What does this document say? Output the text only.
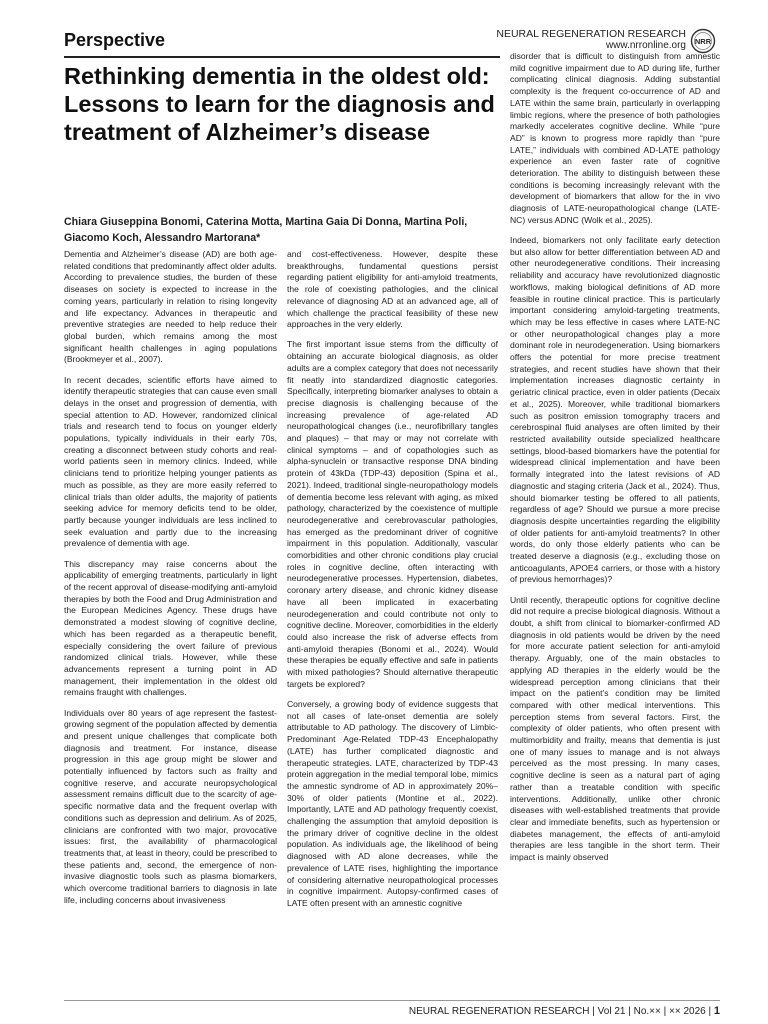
Perspective	NEURAL REGENERATION RESEARCH
www.nrronline.org NRR
Rethinking dementia in the oldest old: Lessons to learn for the diagnosis and treatment of Alzheimer’s disease

Chiara Giuseppina Bonomi, Caterina Motta, Martina Gaia Di Donna, Martina Poli, Giacomo Koch, Alessandro Martorana*

Dementia and Alzheimer’s disease (AD) are both age-related conditions that predominantly affect older adults. According to prevalence studies, the burden of these diseases on society is expected to increase in the coming years, particularly in relation to rising longevity and life expectancy. Advances in therapeutic and preventive strategies are needed to help reduce their global burden, which remains among the most significant health challenges in aging populations (Brookmeyer et al., 2007).

In recent decades, scientific efforts have aimed to identify therapeutic strategies that can cause even small delays in the onset and progression of dementia, with special attention to AD. However, randomized clinical trials and research tend to focus on younger elderly populations, typically individuals in their early 70s, creating a disconnect between study cohorts and real-world patients seen in memory clinics. Indeed, while clinicians tend to prioritize helping younger patients as much as possible, as they are more easily referred to clinical trials than older adults, the majority of patients seeking advice for memory deficits tend to be older, partly because younger individuals are less inclined to seek evaluation and partly due to the increasing prevalence of dementia with age.

This discrepancy may raise concerns about the applicability of emerging treatments, particularly in light of the recent approval of disease-modifying anti-amyloid therapies by both the Food and Drug Administration and the European Medicines Agency. These drugs have demonstrated a modest slowing of cognitive decline, which has been regarded as a therapeutic benefit, especially considering the overt failure of previous randomized clinical trials. However, while these advancements represent a turning point in AD management, their implementation in the oldest old remains fraught with challenges.

Individuals over 80 years of age represent the fastest-growing segment of the population affected by dementia and present unique challenges that complicate both diagnosis and treatment. For instance, disease progression in this age group might be slower and potentially influenced by factors such as frailty and cognitive reserve, and accurate neuropsychological assessment remains difficult due to the scarcity of age-specific normative data and the frequent overlap with conditions such as depression and delirium. As of 2025, clinicians are confronted with two major, provocative issues: first, the availability of pharmacological treatments that, at least in theory, could be prescribed to these patients and, second, the emergence of non-invasive diagnostic tools such as plasma biomarkers, which overcome traditional barriers to diagnosis in late life, including concerns about invasiveness

and cost-effectiveness. However, despite these breakthroughs, fundamental questions persist regarding patient eligibility for anti-amyloid treatments, the role of coexisting pathologies, and the clinical relevance of diagnosing AD at an advanced age, all of which challenge the practical feasibility of these new approaches in the very elderly.

The first important issue stems from the difficulty of obtaining an accurate biological diagnosis, as older adults are a complex category that does not necessarily fit neatly into standardized diagnostic categories. Specifically, interpreting biomarker analyses to obtain a precise diagnosis is challenging because of the increasing prevalence of age-related AD neuropathological changes (i.e., neurofibrillary tangles and plaques) – that may or may not correlate with clinical symptoms – and of copathologies such as alpha-synuclein or transactive response DNA binding protein of 43kDa (TDP-43) deposition (Spina et al., 2021). Indeed, traditional single-neuropathology models of dementia become less relevant with aging, as mixed pathology, characterized by the coexistence of multiple neurodegenerative and cerebrovascular pathologies, has emerged as the predominant driver of cognitive impairment in this population. Additionally, vascular comorbidities and other chronic conditions play crucial roles in cognitive decline, often interacting with neurodegenerative processes. Hypertension, diabetes, coronary artery disease, and chronic kidney disease have all been implicated in exacerbating neurodegeneration and could contribute not only to cognitive decline. Moreover, comorbidities in the elderly could also increase the risk of adverse effects from anti-amyloid therapies (Bonomi et al., 2024). Would these therapies be equally effective and safe in patients with mixed pathologies? Should alternative therapeutic targets be explored?

Conversely, a growing body of evidence suggests that not all cases of late-onset dementia are solely attributable to AD pathology. The discovery of Limbic-Predominant Age-Related TDP-43 Encephalopathy (LATE) has further complicated diagnostic and therapeutic strategies. LATE, characterized by TDP-43 protein aggregation in the medial temporal lobe, mimics the amnestic syndrome of AD in approximately 20%–30% of older patients (Montine et al., 2022). Importantly, LATE and AD pathology frequently coexist, challenging the assumption that amyloid deposition is the primary driver of cognitive decline in the oldest population. As individuals age, the likelihood of being diagnosed with AD alone decreases, while the prevalence of LATE rises, highlighting the importance of considering alternative neuropathological processes in cognitive impairment. Autopsy-confirmed cases of LATE often present with an amnestic cognitive

disorder that is difficult to distinguish from amnestic mild cognitive impairment due to AD during life, further complicating clinical diagnosis. Adding substantial complexity is the frequent co-occurrence of AD and LATE within the same brain, particularly in overlapping limbic regions, where the presence of both pathologies markedly accelerates cognitive decline. While “pure AD” is known to progress more rapidly than “pure LATE,” individuals with combined AD-LATE pathology experience an even faster rate of cognitive deterioration. The ability to distinguish between these conditions is becoming increasingly relevant with the development of biomarkers that allow for the in vivo diagnosis of LATE-neuropathological change (LATE-NC) versus ADNC (Wolk et al., 2025).

Indeed, biomarkers not only facilitate early detection but also allow for better differentiation between AD and other neurodegenerative conditions. Their increasing reliability and accuracy have revolutionized diagnostic workflows, making biological definitions of AD more feasible in routine clinical practice. This is particularly important considering amyloid-targeting treatments, which may be less effective in cases where LATE-NC or other neuropathological changes play a more dominant role in neurodegeneration. Using biomarkers offers the potential for more precise treatment strategies, and recent studies have shown that their implementation increases diagnostic certainty in geriatric clinical practice, even in older patients (Decaix et al., 2025). Moreover, while traditional biomarkers such as positron emission tomography tracers and cerebrospinal fluid analyses are often limited by their restricted availability outside specialized healthcare settings, blood-based biomarkers have the potential for widespread clinical implementation and have been formally integrated into the latest revisions of AD diagnostic and staging criteria (Jack et al., 2024). Thus, should biomarker testing be offered to all patients, regardless of age? Should we pursue a more precise diagnosis despite uncertainties regarding the eligibility of older patients for anti-amyloid treatments? In other words, do only those elderly patients who can be treated deserve a diagnosis (e.g., excluding those on anticoagulants, APOE4 carriers, or those with a history of previous hemorrhages)?

Until recently, therapeutic options for cognitive decline did not require a precise biological diagnosis. Without a doubt, a shift from clinical to biomarker-confirmed AD diagnosis in old patients would be driven by the need for more accurate patient selection for anti-amyloid therapy. Arguably, one of the main obstacles to applying AD therapies in the elderly would be the widespread perception among clinicians that their impact on the patient’s condition may be limited compared with other medical interventions. This perception stems from several factors. First, the complexity of older patients, who often present with multimorbidity and frailty, means that dementia is just one of many issues to manage and is not always perceived as the most pressing. In many cases, cognitive decline is seen as a natural part of aging rather than a treatable condition with specific interventions. Additionally, unlike other chronic diseases with well-established treatments that provide clear and immediate benefits, such as hypertension or diabetes management, the effects of anti-amyloid therapies are less tangible in the short term. Their impact is mainly observed

NEURAL REGENERATION RESEARCH | Vol 21 | No.×× | ×× 2026 | 1
